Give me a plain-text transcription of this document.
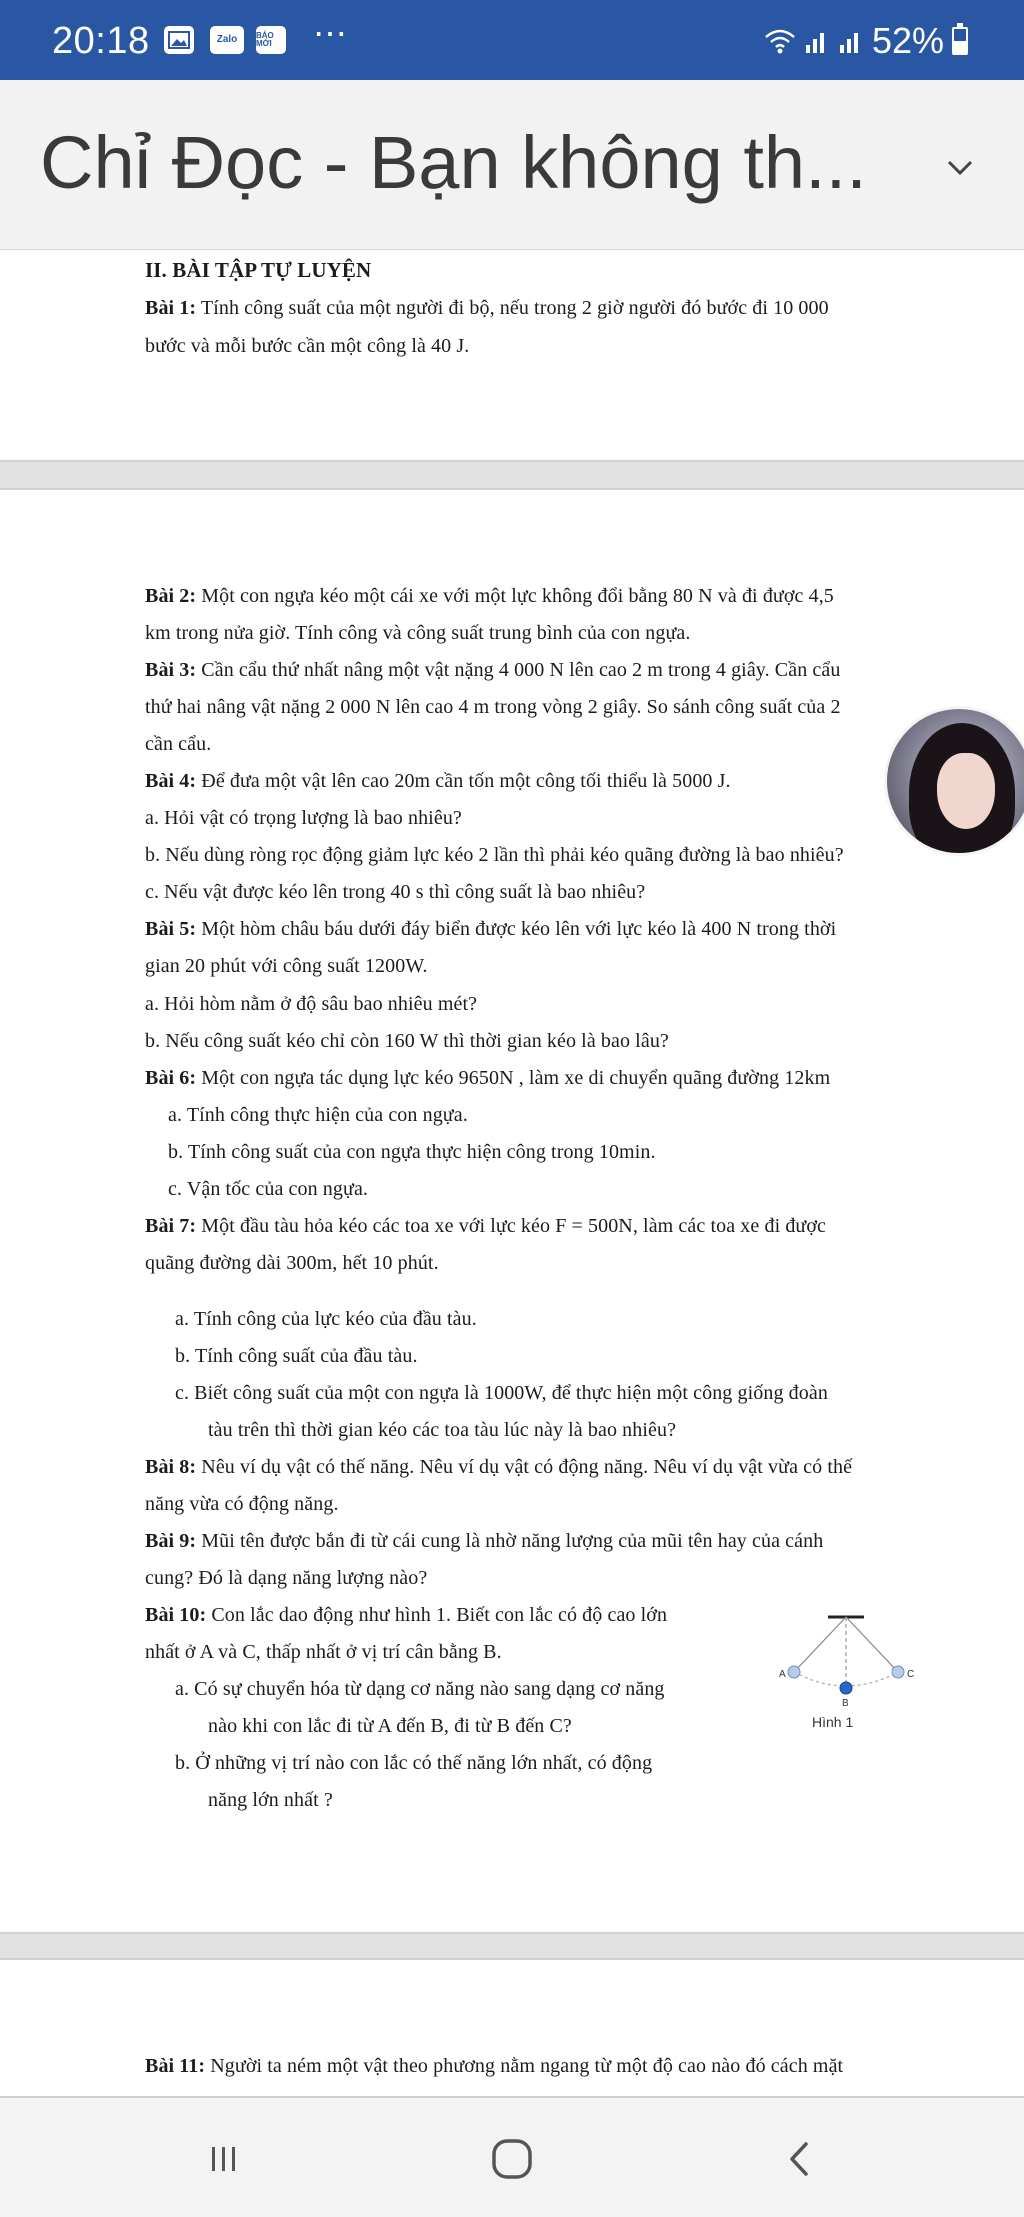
20:18	Zalo	BÁO MỚI	⋯	52%
Chỉ Đọc - Bạn không th...
II. BÀI TẬP TỰ LUYỆN
Bài 1: Tính công suất của một người đi bộ, nếu trong 2 giờ người đó bước đi 10 000
bước và mỗi bước cần một công là 40 J.
Bài 2: Một con ngựa kéo một cái xe với một lực không đổi bằng 80 N và đi được 4,5
km trong nửa giờ. Tính công và công suất trung bình của con ngựa.
Bài 3: Cần cẩu thứ nhất nâng một vật nặng 4 000 N lên cao 2 m trong 4 giây. Cần cẩu
thứ hai nâng vật nặng 2 000 N lên cao 4 m trong vòng 2 giây. So sánh công suất của 2
cần cẩu.
Bài 4: Để đưa một vật lên cao 20m cần tốn một công tối thiểu là 5000 J.
a. Hỏi vật có trọng lượng là bao nhiêu?
b. Nếu dùng ròng rọc động giảm lực kéo 2 lần thì phải kéo quãng đường là bao nhiêu?
c. Nếu vật được kéo lên trong 40 s thì công suất là bao nhiêu?
Bài 5: Một hòm châu báu dưới đáy biển được kéo lên với lực kéo là 400 N trong thời
gian 20 phút với công suất 1200W.
a. Hỏi hòm nằm ở độ sâu bao nhiêu mét?
b. Nếu công suất kéo chỉ còn 160 W thì thời gian kéo là bao lâu?
Bài 6: Một con ngựa tác dụng lực kéo 9650N , làm xe di chuyển quãng đường 12km
a. Tính công thực hiện của con ngựa.
b. Tính công suất của con ngựa thực hiện công trong 10min.
c. Vận tốc của con ngựa.
Bài 7: Một đầu tàu hỏa kéo các toa xe với lực kéo F = 500N, làm các toa xe đi được
quãng đường dài 300m, hết 10 phút.
a. Tính công của lực kéo của đầu tàu.
b. Tính công suất của đầu tàu.
c. Biết công suất của một con ngựa là 1000W, để thực hiện một công giống đoàn
tàu trên thì thời gian kéo các toa tàu lúc này là bao nhiêu?
Bài 8: Nêu ví dụ vật có thế năng. Nêu ví dụ vật có động năng. Nêu ví dụ vật vừa có thế
năng vừa có động năng.
Bài 9: Mũi tên được bắn đi từ cái cung là nhờ năng lượng của mũi tên hay của cánh
cung? Đó là dạng năng lượng nào?
Bài 10: Con lắc dao động như hình 1. Biết con lắc có độ cao lớn
nhất ở A và C, thấp nhất ở vị trí cân bằng B.
a. Có sự chuyển hóa từ dạng cơ năng nào sang dạng cơ năng
nào khi con lắc đi từ A đến B, đi từ B đến C?
b. Ở những vị trí nào con lắc có thế năng lớn nhất, có động
năng lớn nhất ?
A
B
C
Hình 1
Bài 11: Người ta ném một vật theo phương nằm ngang từ một độ cao nào đó cách mặt
